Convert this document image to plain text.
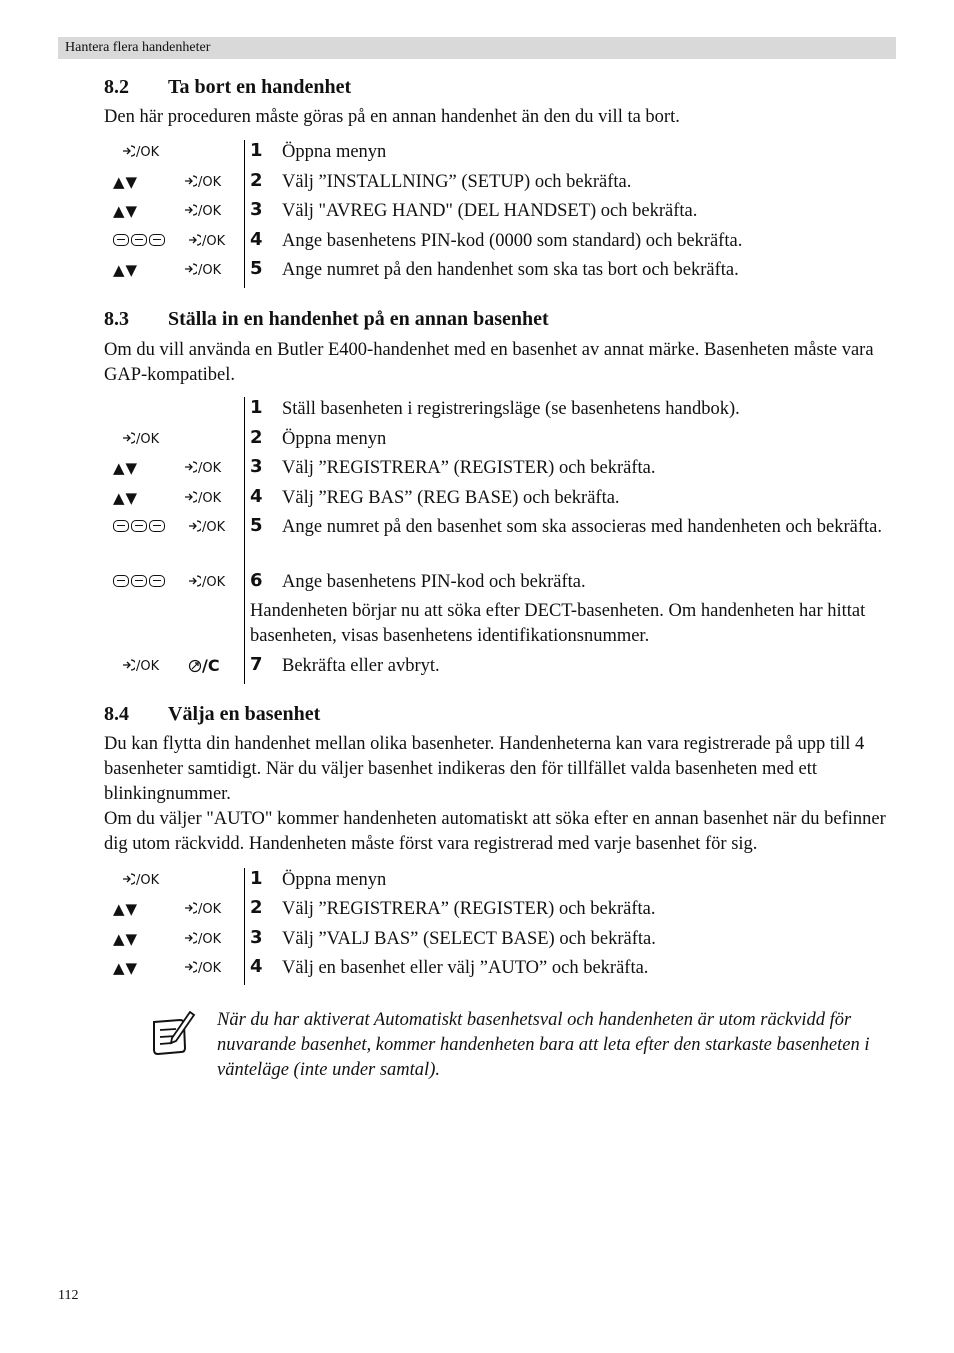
Hantera flera handenheter
8.2 Ta bort en handenhet
Den här proceduren måste göras på en annan handenhet än den du vill ta bort.
/OK	1 Öppna menyn
▲▼	/OK 2 Välj ”INSTALLNING” (SETUP) och bekräfta.
▲▼	/OK 3 Välj "AVREG HAND" (DEL HANDSET) och bekräfta.
/OK 4 Ange basenhetens PIN-kod (0000 som standard) och bekräfta.
▲▼	/OK 5 Ange numret på den handenhet som ska tas bort och bekräfta.
8.3 Ställa in en handenhet på en annan basenhet
Om du vill använda en Butler E400-handenhet med en basenhet av annat märke. Basenheten måste vara GAP-kompatibel.
1 Ställ basenheten i registreringsläge (se basenhetens handbok).
/OK	2 Öppna menyn
▲▼	/OK 3 Välj ”REGISTRERA” (REGISTER) och bekräfta.
▲▼	/OK 4 Välj ”REG BAS” (REG BASE) och bekräfta.
/OK 5 Ange numret på den basenhet som ska associeras med handenheten och bekräfta.
/OK 6 Ange basenhetens PIN-kod och bekräfta.
Handenheten börjar nu att söka efter DECT-basenheten. Om handenheten har hittat basenheten, visas basenhetens identifikationsnummer.
/OK	/C 7 Bekräfta eller avbryt.
8.4 Välja en basenhet
Du kan flytta din handenhet mellan olika basenheter. Handenheterna kan vara registrerade på upp till 4 basenheter samtidigt. När du väljer basenhet indikeras den för tillfället valda basenheten med ett blinkingnummer.
Om du väljer "AUTO" kommer handenheten automatiskt att söka efter en annan basenhet när du befinner dig utom räckvidd. Handenheten måste först vara registrerad med varje basenhet för sig.
/OK	1 Öppna menyn
▲▼	/OK 2 Välj ”REGISTRERA” (REGISTER) och bekräfta.
▲▼	/OK 3 Välj ”VALJ BAS” (SELECT BASE) och bekräfta.
▲▼	/OK 4 Välj en basenhet eller välj ”AUTO” och bekräfta.
När du har aktiverat Automatiskt basenhetsval och handenheten är utom räckvidd för nuvarande basenhet, kommer handenheten bara att leta efter den starkaste basenheten i vänteläge (inte under samtal).
112
